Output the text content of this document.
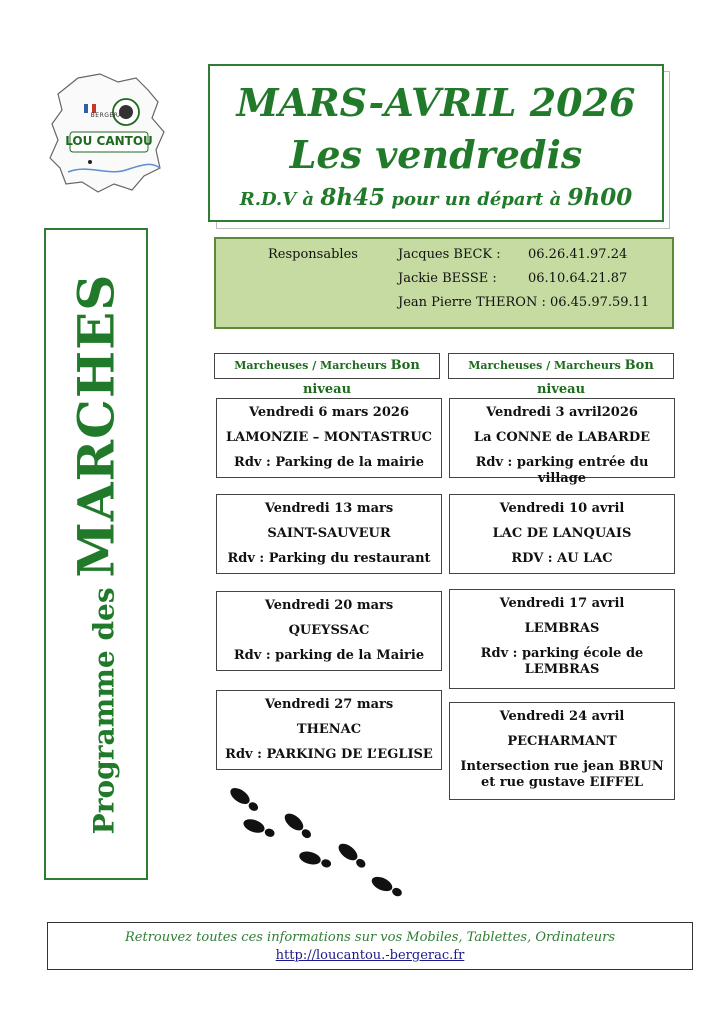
BERGERAC
LOU CANTOU
MARS-AVRIL 2026
Les vendredis
R.D.V à 8h45 pour un départ à 9h00
Responsables	Jacques BECK : 06.26.41.97.24
Jackie BESSE : 06.10.64.21.87
Jean Pierre THERON : 06.45.97.59.11
Programme des MARCHES	Marcheuses / Marcheurs Bon niveau
Marcheuses / Marcheurs Bon niveau
Vendredi 6 mars 2026
LAMONZIE – MONTASTRUC
Rdv : Parking de la mairie
Vendredi 13 mars
SAINT-SAUVEUR
Rdv : Parking du restaurant
Vendredi 20 mars
QUEYSSAC
Rdv : parking de la Mairie
Vendredi 27 mars
THENAC
Rdv : PARKING DE L’EGLISE
Vendredi 3 avril2026
La CONNE de LABARDE
Rdv : parking entrée du village
Vendredi 10 avril
LAC DE LANQUAIS
RDV : AU LAC
Vendredi 17 avril
LEMBRAS
Rdv : parking école de LEMBRAS
Vendredi 24 avril
PECHARMANT
Intersection rue jean BRUN et rue gustave EIFFEL
Retrouvez toutes ces informations sur vos Mobiles, Tablettes, Ordinateurs
http://loucantou.-bergerac.fr
